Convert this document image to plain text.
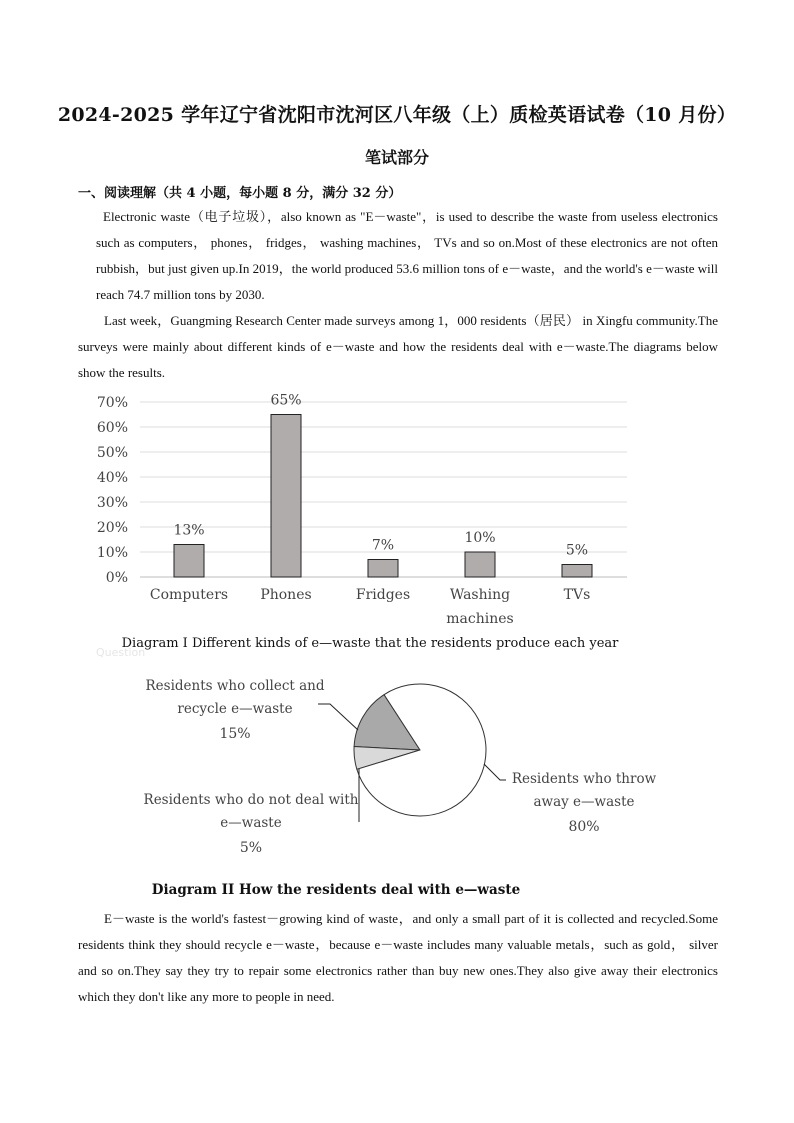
2024-2025 学年辽宁省沈阳市沈河区八年级（上）质检英语试卷（10 月份）
笔试部分
一、阅读理解（共 4 小题，每小题 8 分，满分 32 分）
Electronic waste（电子垃圾），also known as "E－waste"，is used to describe the waste from useless electronics such as computers， phones， fridges， washing machines， TVs and so on.Most of these electronics are not often rubbish，but just given up.In 2019，the world produced 53.6 million tons of e－waste，and the world's e－waste will reach 74.7 million tons by 2030.
Last week，Guangming Research Center made surveys among 1，000 residents（居民） in Xingfu community.The surveys were mainly about different kinds of e－waste and how the residents deal with e－waste.The diagrams below show the results.
0%
10%
20%
30%
40%
50%
60%
70%
13%
Computers
65%
Phones
7%
Fridges
10%
Washing
machines
5%
TVs
Diagram I Different kinds of e—waste that the residents produce each year
Residents who collect and
recycle e—waste
15%
Residents who do not deal with
e—waste
5%
Residents who throw
away e—waste
80%
Diagram II How the residents deal with e—waste
Question
E－waste is the world's fastest－growing kind of waste，and only a small part of it is collected and recycled.Some residents think they should recycle e－waste，because e－waste includes many valuable metals，such as gold， silver and so on.They say they try to repair some electronics rather than buy new ones.They also give away their electronics which they don't like any more to people in need.
